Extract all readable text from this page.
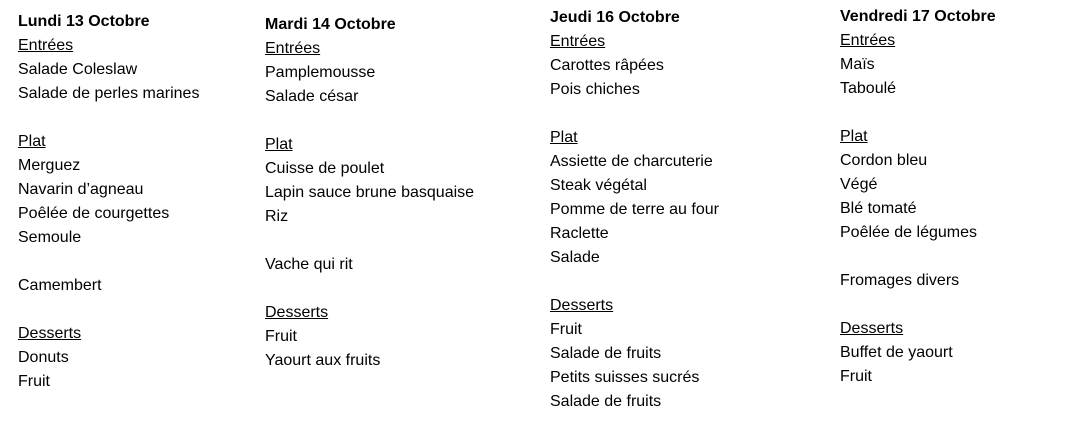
Lundi 13 Octobre
Entrées
Salade Coleslaw
Salade de perles marines
Plat
Merguez
Navarin d’agneau
Poêlée de courgettes
Semoule
Camembert
Desserts
Donuts
Fruit
Mardi 14 Octobre
Entrées
Pamplemousse
Salade césar
Plat
Cuisse de poulet
Lapin sauce brune basquaise
Riz
Vache qui rit
Desserts
Fruit
Yaourt aux fruits
Jeudi 16 Octobre
Entrées
Carottes râpées
Pois chiches
Plat
Assiette de charcuterie
Steak végétal
Pomme de terre au four
Raclette
Salade
Desserts
Fruit
Salade de fruits
Petits suisses sucrés
Salade de fruits
Vendredi 17 Octobre
Entrées
Maïs
Taboulé
Plat
Cordon bleu
Végé
Blé tomaté
Poêlée de légumes
Fromages divers
Desserts
Buffet de yaourt
Fruit
